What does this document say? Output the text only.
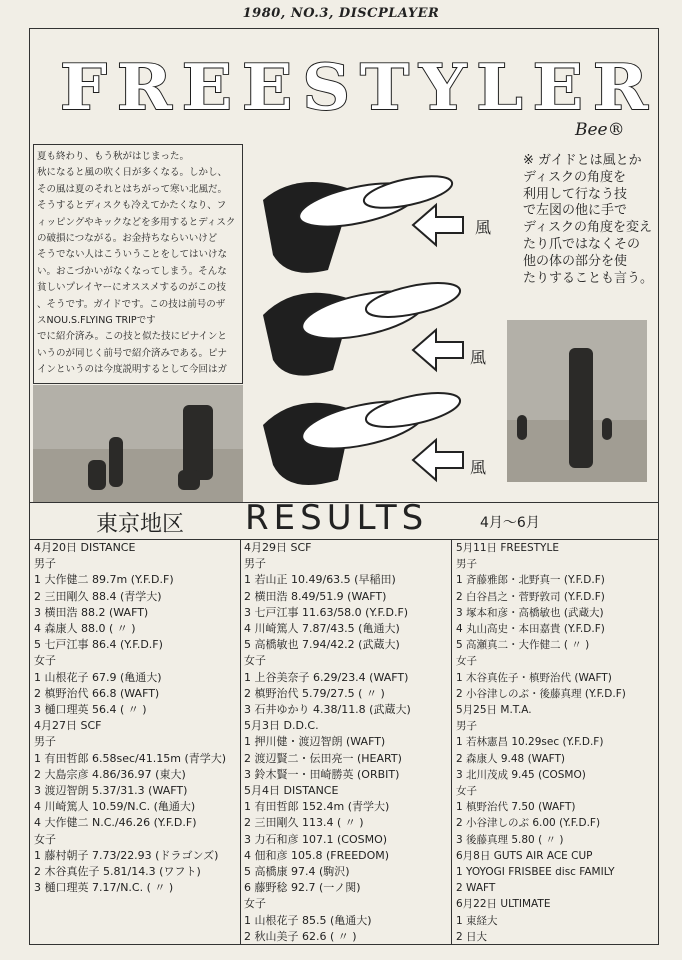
1980, NO.3, DISCPLAYER
FREESTYLER
Bee®

夏も終わり、もう秋がはじまった。

秋になると風の吹く日が多くなる。しかし、

その風は夏のそれとはちがって寒い北風だ。

そうするとディスクも冷えてかたくなり、フ

ィッピングやキックなどを多用するとディスク

の破損につながる。お金持ちならいいけど

そうでない人はこういうことをしてはいけな

い。おこづかいがなくなってしまう。そんな

貧しいプレイヤーにオススメするのがこの技

、そうです。ガイドです。この技は前号のザ

スNOU.S.FLYING TRIPです

でに紹介済み。この技と似た技にピナインと

いうのが同じく前号で紹介済みである。ピナ

インというのは今度説明するとして今回はガ

風
風
風

※ ガイドとは風とか

ディスクの角度を

利用して行なう技

で左図の他に手で

ディスクの角度を変え

たり爪ではなくその

他の体の部分を使

たりすることも言う。

東京地区 RESULTS	4月〜6月

4月20日 DISTANCE

男子

1 大作健二 89.7m (Y.F.D.F)

2 三田剛久 88.4 (青学大)

3 横田浩 88.2 (WAFT)

4 森康人 88.0 ( 〃 )

5 七戸江事 86.4 (Y.F.D.F)

女子

1 山根花子 67.9 (亀通大)

2 槙野治代 66.8 (WAFT)

3 樋口理英 56.4 ( 〃 )

4月27日 SCF

男子

1 有田哲郎 6.58sec/41.15m (青学大)

2 大島宗彦 4.86/36.97 (東大)

3 渡辺智朗 5.37/31.3 (WAFT)

4 川崎篤人 10.59/N.C. (亀通大)

4 大作健二 N.C./46.26 (Y.F.D.F)

女子

1 藤村朝子 7.73/22.93 (ドラゴンズ)

2 木谷真佐子 5.81/14.3 (ワフト)

3 樋口理英 7.17/N.C. ( 〃 )

4月29日 SCF

男子

1 若山正 10.49/63.5 (早稲田)

2 横田浩 8.49/51.9 (WAFT)

3 七戸江事 11.63/58.0 (Y.F.D.F)

4 川崎篤人 7.87/43.5 (亀通大)

5 高橋敏也 7.94/42.2 (武蔵大)

女子

1 上谷美奈子 6.29/23.4 (WAFT)

2 槙野治代 5.79/27.5 ( 〃 )

3 石井ゆかり 4.38/11.8 (武蔵大)

5月3日 D.D.C.

1 押川健・渡辺智朗 (WAFT)

2 渡辺賢二・伝田亮一 (HEART)

3 鈴木賢一・田崎勝英 (ORBIT)

5月4日 DISTANCE

1 有田哲郎 152.4m (青学大)

2 三田剛久 113.4 ( 〃 )

3 力石和彦 107.1 (COSMO)

4 佃和彦 105.8 (FREEDOM)

5 高橋康 97.4 (駒沢)

6 藤野稔 92.7 (一ノ関)

女子

1 山根花子 85.5 (亀通大)

2 秋山美子 62.6 ( 〃 )

5月11日 FREESTYLE

男子

1 斉藤雅郎・北野真一 (Y.F.D.F)

2 白谷昌之・菅野敦司 (Y.F.D.F)

3 塚本和彦・高橋敏也 (武蔵大)

4 丸山高史・本田嘉貴 (Y.F.D.F)

5 高瀬真二・大作健二 ( 〃 )

女子

1 木谷真佐子・槙野治代 (WAFT)

2 小谷津しのぶ・後藤真理 (Y.F.D.F)

5月25日 M.T.A.

男子

1 若林憲昌 10.29sec (Y.F.D.F)

2 森康人 9.48 (WAFT)

3 北川茂成 9.45 (COSMO)

女子

1 槙野治代 7.50 (WAFT)

2 小谷津しのぶ 6.00 (Y.F.D.F)

3 後藤真理 5.80 ( 〃 )

6月8日 GUTS AIR ACE CUP

1 YOYOGI FRISBEE disc FAMILY

2 WAFT

6月22日 ULTIMATE

1 東経大

2 日大
